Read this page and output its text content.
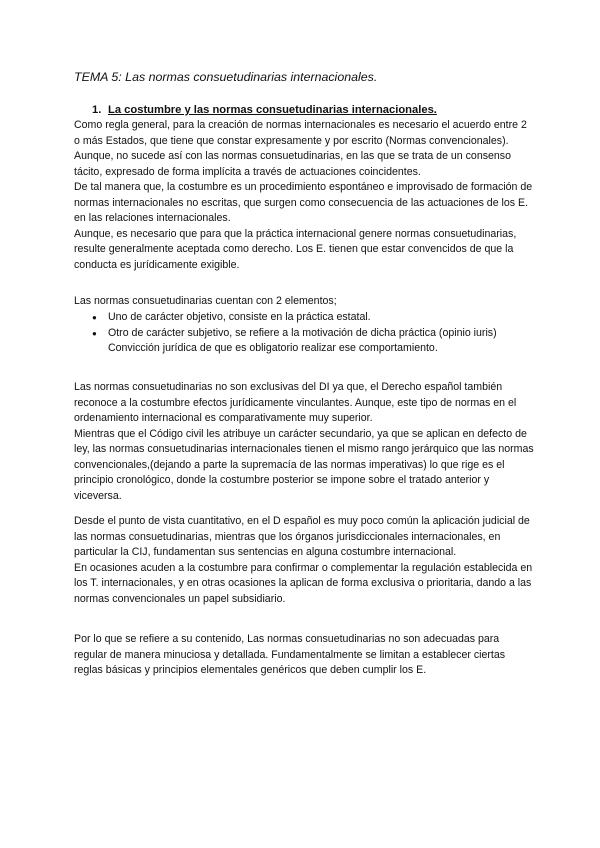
TEMA 5: Las normas consuetudinarias internacionales.
1. La costumbre y las normas consuetudinarias internacionales.

Como regla general, para la creación de normas internacionales es necesario el acuerdo entre 2 o más Estados, que tiene que constar expresamente y por escrito (Normas convencionales). Aunque, no sucede así con las normas consuetudinarias, en las que se trata de un consenso tácito, expresado de forma implícita a través de actuaciones coincidentes.

De tal manera que, la costumbre es un procedimiento espontáneo e improvisado de formación de normas internacionales no escritas, que surgen como consecuencia de las actuaciones de los E. en las relaciones internacionales.

Aunque, es necesario que para que la práctica internacional genere normas consuetudinarias, resulte generalmente aceptada como derecho. Los E. tienen que estar convencidos de que la conducta es jurídicamente exigible.

Las normas consuetudinarias cuentan con 2 elementos;

● Uno de carácter objetivo, consiste en la práctica estatal.
● Otro de carácter subjetivo, se refiere a la motivación de dicha práctica (opinio iuris) Convicción jurídica de que es obligatorio realizar ese comportamiento.

Las normas consuetudinarias no son exclusivas del DI ya que, el Derecho español también reconoce a la costumbre efectos jurídicamente vinculantes. Aunque, este tipo de normas en el ordenamiento internacional es comparativamente muy superior.

Mientras que el Código civil les atribuye un carácter secundario, ya que se aplican en defecto de ley, las normas consuetudinarias internacionales tienen el mismo rango jerárquico que las normas convencionales,(dejando a parte la supremacía de las normas imperativas) lo que rige es el principio cronológico, donde la costumbre posterior se impone sobre el tratado anterior y viceversa.

Desde el punto de vista cuantitativo, en el D español es muy poco común la aplicación judicial de las normas consuetudinarias, mientras que los órganos jurisdiccionales internacionales, en particular la CIJ, fundamentan sus sentencias en alguna costumbre internacional.

En ocasiones acuden a la costumbre para confirmar o complementar la regulación establecida en los T. internacionales, y en otras ocasiones la aplican de forma exclusiva o prioritaria, dando a las normas convencionales un papel subsidiario.

Por lo que se refiere a su contenido, Las normas consuetudinarias no son adecuadas para regular de manera minuciosa y detallada. Fundamentalmente se limitan a establecer ciertas reglas básicas y principios elementales genéricos que deben cumplir los E.
